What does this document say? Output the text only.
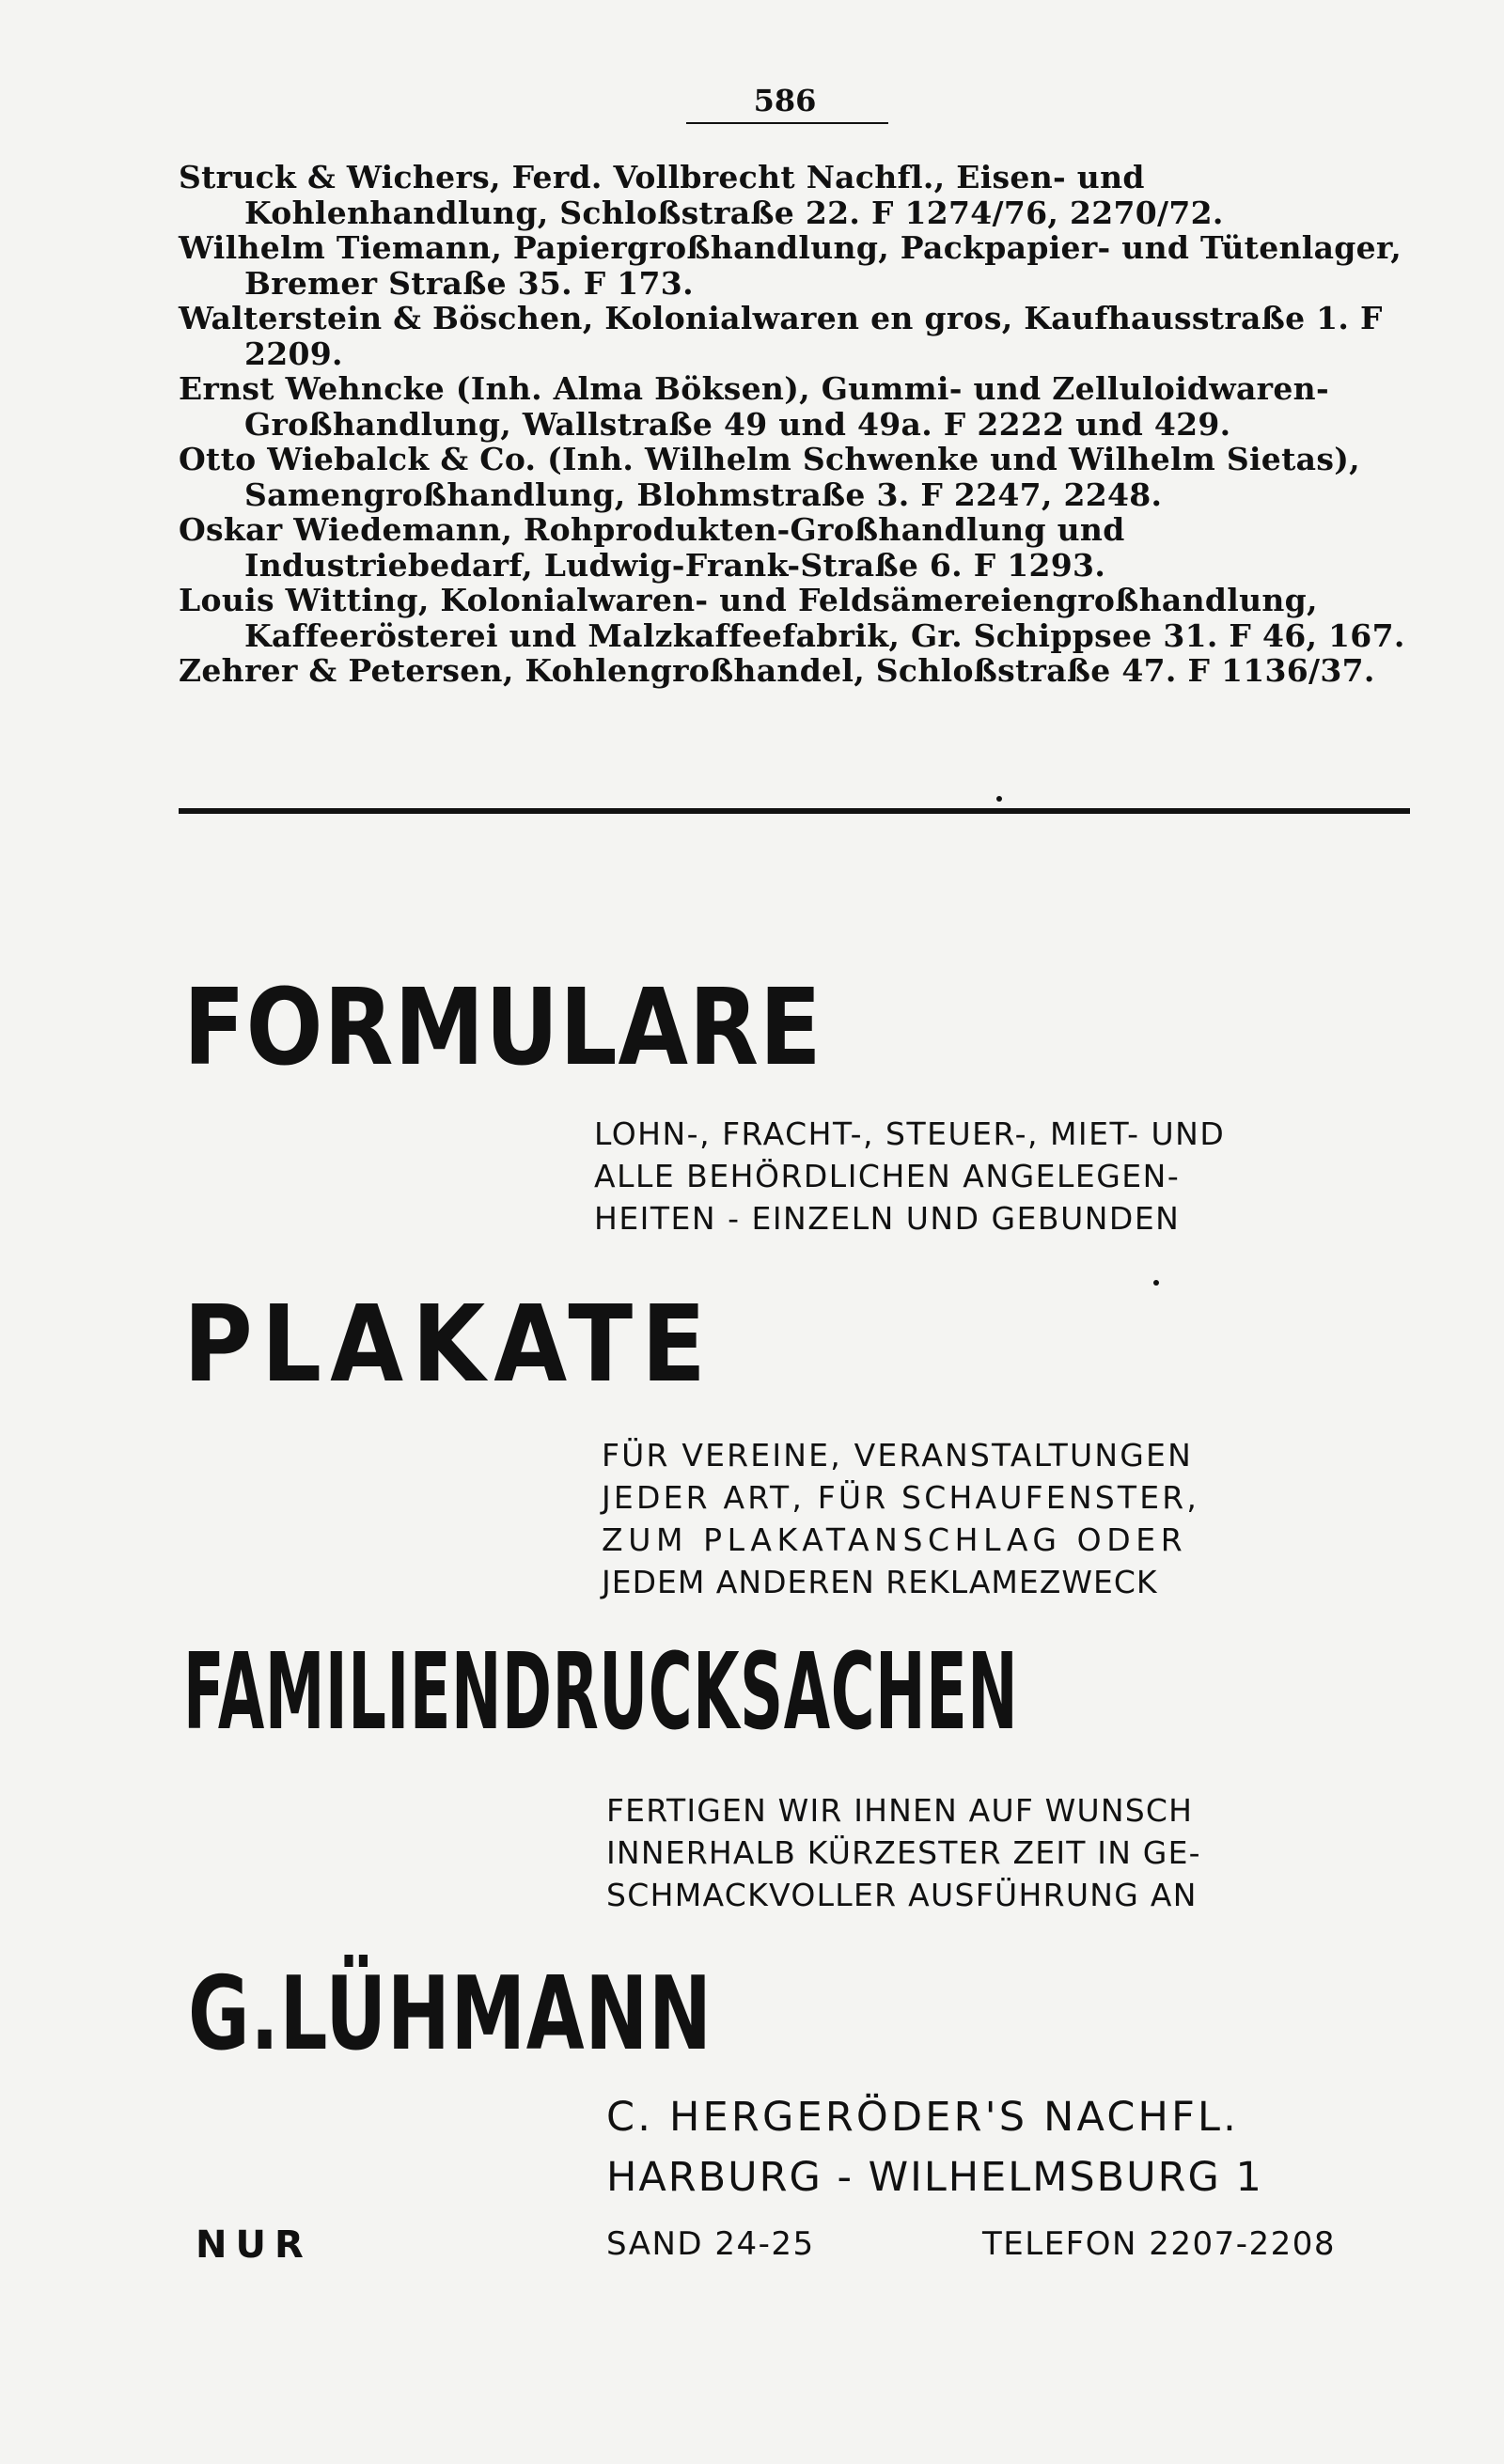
586

Struck & Wichers, Ferd. Vollbrecht Nachfl., Eisen- und Kohlenhandlung, Schloßstraße 22. F 1274/76, 2270/72.

Wilhelm Tiemann, Papiergroßhandlung, Packpapier- und Tütenlager, Bremer Straße 35. F 173.

Walterstein & Böschen, Kolonialwaren en gros, Kaufhausstraße 1. F 2209.

Ernst Wehncke (Inh. Alma Böksen), Gummi- und Zelluloidwaren-Großhandlung, Wallstraße 49 und 49a. F 2222 und 429.

Otto Wiebalck & Co. (Inh. Wilhelm Schwenke und Wilhelm Sietas), Samengroßhandlung, Blohmstraße 3. F 2247, 2248.

Oskar Wiedemann, Rohprodukten-Großhandlung und Industriebedarf, Ludwig-Frank-Straße 6. F 1293.

Louis Witting, Kolonialwaren- und Feldsämereiengroßhandlung, Kaffeerösterei und Malzkaffeefabrik, Gr. Schippsee 31. F 46, 167.

Zehrer & Petersen, Kohlengroßhandel, Schloßstraße 47. F 1136/37.

FORMULARE
LOHN-, FRACHT-, STEUER-, MIET- UND
ALLE BEHÖRDLICHEN ANGELEGEN-
HEITEN - EINZELN UND GEBUNDEN
PLAKATE
FÜR VEREINE, VERANSTALTUNGEN
JEDER ART, FÜR SCHAUFENSTER,
ZUM PLAKATANSCHLAG ODER
JEDEM ANDEREN REKLAMEZWECK
FAMILIENDRUCKSACHEN
FERTIGEN WIR IHNEN AUF WUNSCH
INNERHALB KÜRZESTER ZEIT IN GE-
SCHMACKVOLLER AUSFÜHRUNG AN
G.LÜHMANN
C. HERGERÖDER'S NACHFL.
HARBURG - WILHELMSBURG 1
NUR	SAND 24-25	TELEFON 2207-2208
